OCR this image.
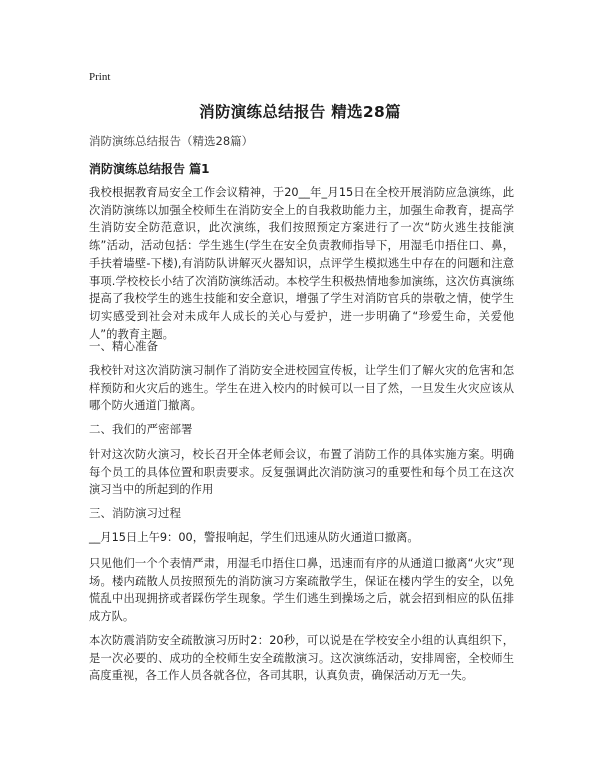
Print
消防演练总结报告 精选28篇
消防演练总结报告（精选28篇）
消防演练总结报告 篇1

我校根据教育局安全工作会议精神，于20__年_月15日在全校开展消防应急演练，此次消防演练以加强全校师生在消防安全上的自我救助能力主，加强生命教育，提高学生消防安全防范意识，此次演练，我们按照预定方案进行了一次“防火逃生技能演练”活动，活动包括：学生逃生(学生在安全负责教师指导下，用湿毛巾捂住口、鼻，手扶着墙壁-下楼),有消防队讲解灭火器知识，点评学生模拟逃生中存在的问题和注意事项.学校校长小结了次消防演练活动。本校学生积极热情地参加演练，这次仿真演练提高了我校学生的逃生技能和安全意识，增强了学生对消防官兵的崇敬之情，使学生切实感受到社会对未成年人成长的关心与爱护，进一步明确了“珍爱生命，关爱他人”的教育主题。

一、精心准备

我校针对这次消防演习制作了消防安全进校园宣传板，让学生们了解火灾的危害和怎样预防和火灾后的逃生。学生在进入校内的时候可以一目了然，一旦发生火灾应该从哪个防火通道门撤离。

二、我们的严密部署

针对这次防火演习，校长召开全体老师会议，布置了消防工作的具体实施方案。明确每个员工的具体位置和职责要求。反复强调此次消防演习的重要性和每个员工在这次演习当中的所起到的作用

三、消防演习过程

__月15日上午9：00，警报响起，学生们迅速从防火通道口撤离。

只见他们一个个表情严肃，用湿毛巾捂住口鼻，迅速而有序的从通道口撤离“火灾”现场。楼内疏散人员按照预先的消防演习方案疏散学生，保证在楼内学生的安全，以免慌乱中出现拥挤或者踩伤学生现象。学生们逃生到操场之后，就会招到相应的队伍排成方队。

本次防震消防安全疏散演习历时2：20秒，可以说是在学校安全小组的认真组织下，是一次必要的、成功的全校师生安全疏散演习。这次演练活动，安排周密，全校师生高度重视，各工作人员各就各位，各司其职，认真负责，确保活动万无一失。
